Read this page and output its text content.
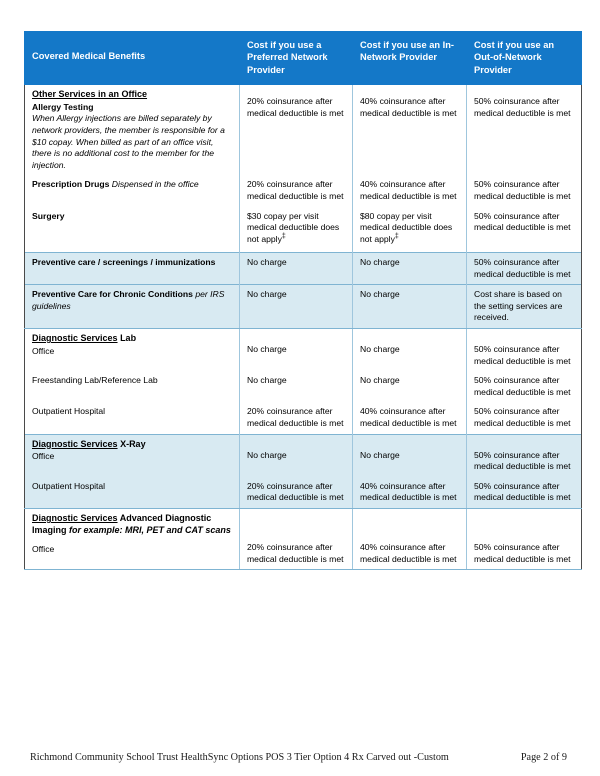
Covered Medical Benefits	Cost if you use a Preferred Network Provider	Cost if you use an In-Network Provider	Cost if you use an Out-of-Network Provider

Other Services in an Office
Allergy Testing
When Allergy injections are billed separately by network providers, the member is responsible for a $10 copay. When billed as part of an office visit, there is no additional cost to the member for the injection.	20% coinsurance after medical deductible is met	40% coinsurance after medical deductible is met	50% coinsurance after medical deductible is met

Prescription Drugs Dispensed in the office	20% coinsurance after medical deductible is met	40% coinsurance after medical deductible is met	50% coinsurance after medical deductible is met
Surgery	$30 copay per visit medical deductible does not apply‡	$80 copay per visit medical deductible does not apply‡	50% coinsurance after medical deductible is met
Preventive care / screenings / immunizations	No charge	No charge	50% coinsurance after medical deductible is met
Preventive Care for Chronic Conditions per IRS guidelines	No charge	No charge	Cost share is based on the setting services are received.

Diagnostic Services Lab
Office	No charge	No charge	50% coinsurance after medical deductible is met

Freestanding Lab/Reference Lab	No charge	No charge	50% coinsurance after medical deductible is met
Outpatient Hospital	20% coinsurance after medical deductible is met	40% coinsurance after medical deductible is met	50% coinsurance after medical deductible is met

Diagnostic Services X-Ray
Office	No charge	No charge	50% coinsurance after medical deductible is met

Outpatient Hospital	20% coinsurance after medical deductible is met	40% coinsurance after medical deductible is met	50% coinsurance after medical deductible is met

Diagnostic Services Advanced Diagnostic Imaging for example: MRI, PET and CAT scans
Office	20% coinsurance after medical deductible is met	40% coinsurance after medical deductible is met	50% coinsurance after medical deductible is met
Richmond Community School Trust HealthSync Options POS 3 Tier Option 4 Rx Carved out -Custom	Page 2 of 9
